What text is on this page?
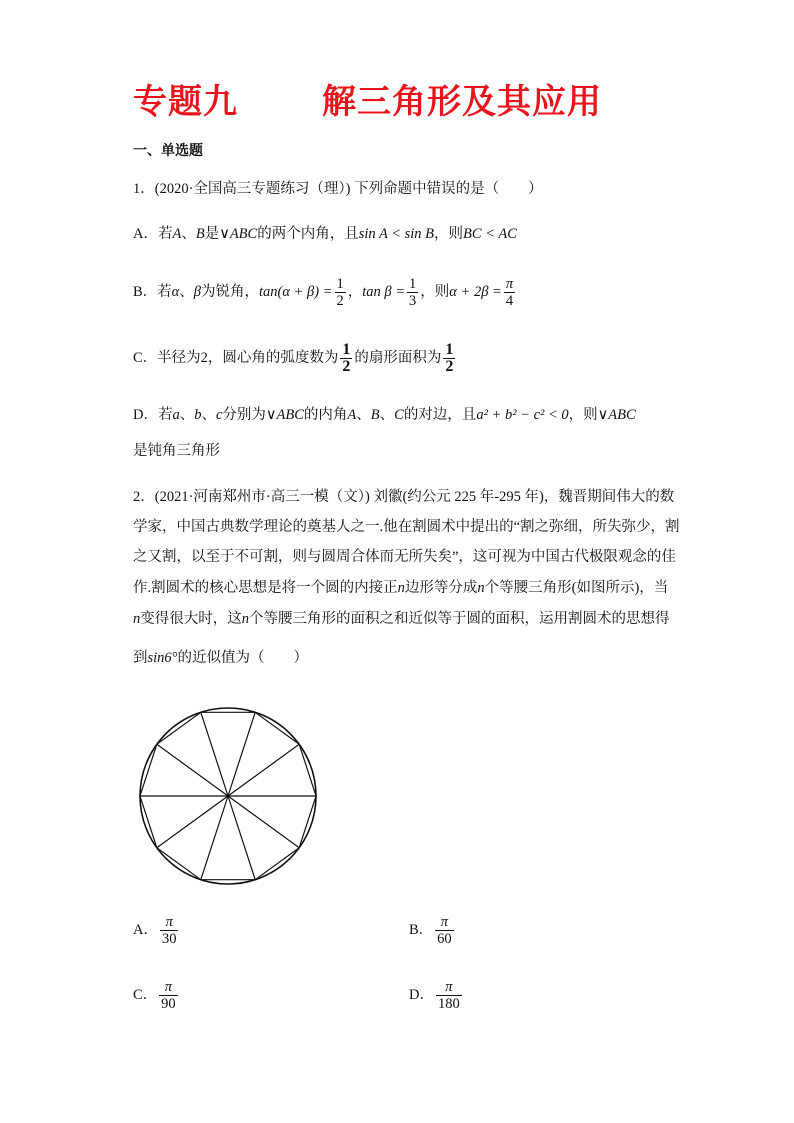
专题九 解三角形及其应用
一、单选题
1．(2020·全国高三专题练习（理）) 下列命题中错误的是（　　）
A．若A、B是∨ABC的两个内角，且sin A < sin B，则BC < AC
B．若α、β为锐角，$\tan(\alpha + \beta) = \frac{1}{2}$ ，$\tan \beta = \frac{1}{3}$ ，则$\alpha + 2\beta = \frac{\pi}{4}$
C．半径为2，圆心角的弧度数为 $\frac{1}{2}$ 的扇形面积为 $\frac{1}{2}$
D．若a、b、c分别为∨ABC的内角A、B、C的对边，且a² + b² − c² < 0，则∨ABC
是钝角三角形
2．(2021·河南郑州市·高三一模（文）) 刘徽(约公元 225 年-295 年)，魏晋期间伟大的数
学家，中国古典数学理论的奠基人之一.他在割圆术中提出的“割之弥细，所失弥少，割
之又割，以至于不可割，则与圆周合体而无所失矣”，这可视为中国古代极限观念的佳
作.割圆术的核心思想是将一个圆的内接正n边形等分成n个等腰三角形(如图所示)，当
n变得很大时，这n个等腰三角形的面积之和近似等于圆的面积，运用割圆术的思想得
到sin6°的近似值为（　　）
A． $\frac{\pi}{30}$	B． $\frac{\pi}{60}$
C． $\frac{\pi}{90}$	D． $\frac{\pi}{180}$
